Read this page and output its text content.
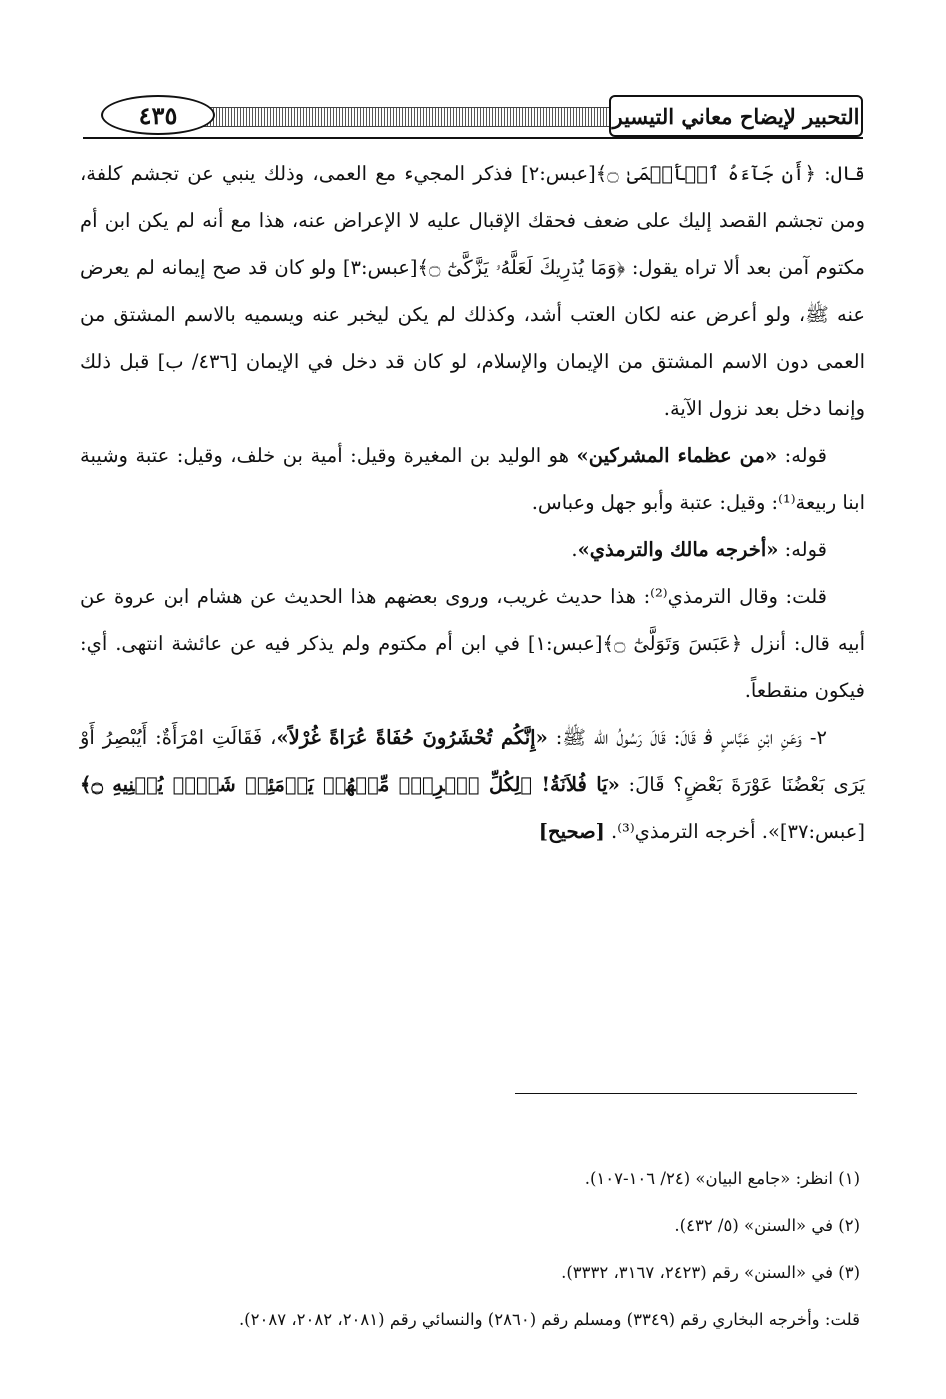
٤٣٥	التحبير لإيضاح معاني التيسير

قال: ﴿أَن جَآءَهُ ٱلۡأَعۡمَىٰ ۝﴾[عبس:٢] فذكر المجيء مع العمى، وذلك ينبي عن تجشم كلفة، ومن تجشم القصد إليك على ضعف فحقك الإقبال عليه لا الإعراض عنه، هذا مع أنه لم يكن ابن أم مكتوم آمن بعد ألا تراه يقول: ﴿وَمَا يُدۡرِيكَ لَعَلَّهُۥ يَزَّكَّىٰٓ ۝﴾[عبس:٣] ولو كان قد صح إيمانه لم يعرض عنه ﷺ، ولو أعرض عنه لكان العتب أشد، وكذلك لم يكن ليخبر عنه ويسميه بالاسم المشتق من العمى دون الاسم المشتق من الإيمان والإسلام، لو كان قد دخل في الإيمان [٤٣٦/ ب] قبل ذلك وإنما دخل بعد نزول الآية.

قوله: «من عظماء المشركين» هو الوليد بن المغيرة وقيل: أمية بن خلف، وقيل: عتبة وشيبة ابنا ربيعة⁽¹⁾: وقيل: عتبة وأبو جهل وعباس.

قوله: «أخرجه مالك والترمذي».

قلت: وقال الترمذي⁽²⁾: هذا حديث غريب، وروى بعضهم هذا الحديث عن هشام ابن عروة عن أبيه قال: أنزل ﴿عَبَسَ وَتَوَلَّىٰٓ ۝﴾[عبس:١] في ابن أم مكتوم ولم يذكر فيه عن عائشة انتهى. أي: فيكون منقطعاً.

٢- وَعَنِ ابْنِ عَبَّاسٍ ﭬ قَالَ: قَالَ رَسُولُ الله ﷺ: «إِنَّكُم تُحْشَرُونَ حُفَاةً عُرَاةً غُرْلاً»، فَقَالَتِ امْرَأَةٌ: أَيُبْصِرُ أَوْ يَرَى بَعْضُنَا عَوْرَةَ بَعْضٍ؟ قَالَ: «يَا فُلاَنَةُ! ﴿لِكُلِّ ٱمۡرِيٕٖ مِّنۡهُمۡ يَوۡمَئِذٖ شَأۡنٞ يُغۡنِيهِ ۝﴾[عبس:٣٧]». أخرجه الترمذي⁽³⁾. [صحيح]

(١) انظر: «جامع البيان» (٢٤/ ١٠٦-١٠٧).

(٢) في «السنن» (٥/ ٤٣٢).

(٣) في «السنن» رقم (٢٤٢٣، ٣١٦٧، ٣٣٣٢).

قلت: وأخرجه البخاري رقم (٣٣٤٩) ومسلم رقم (٢٨٦٠) والنسائي رقم (٢٠٨١، ٢٠٨٢، ٢٠٨٧).
